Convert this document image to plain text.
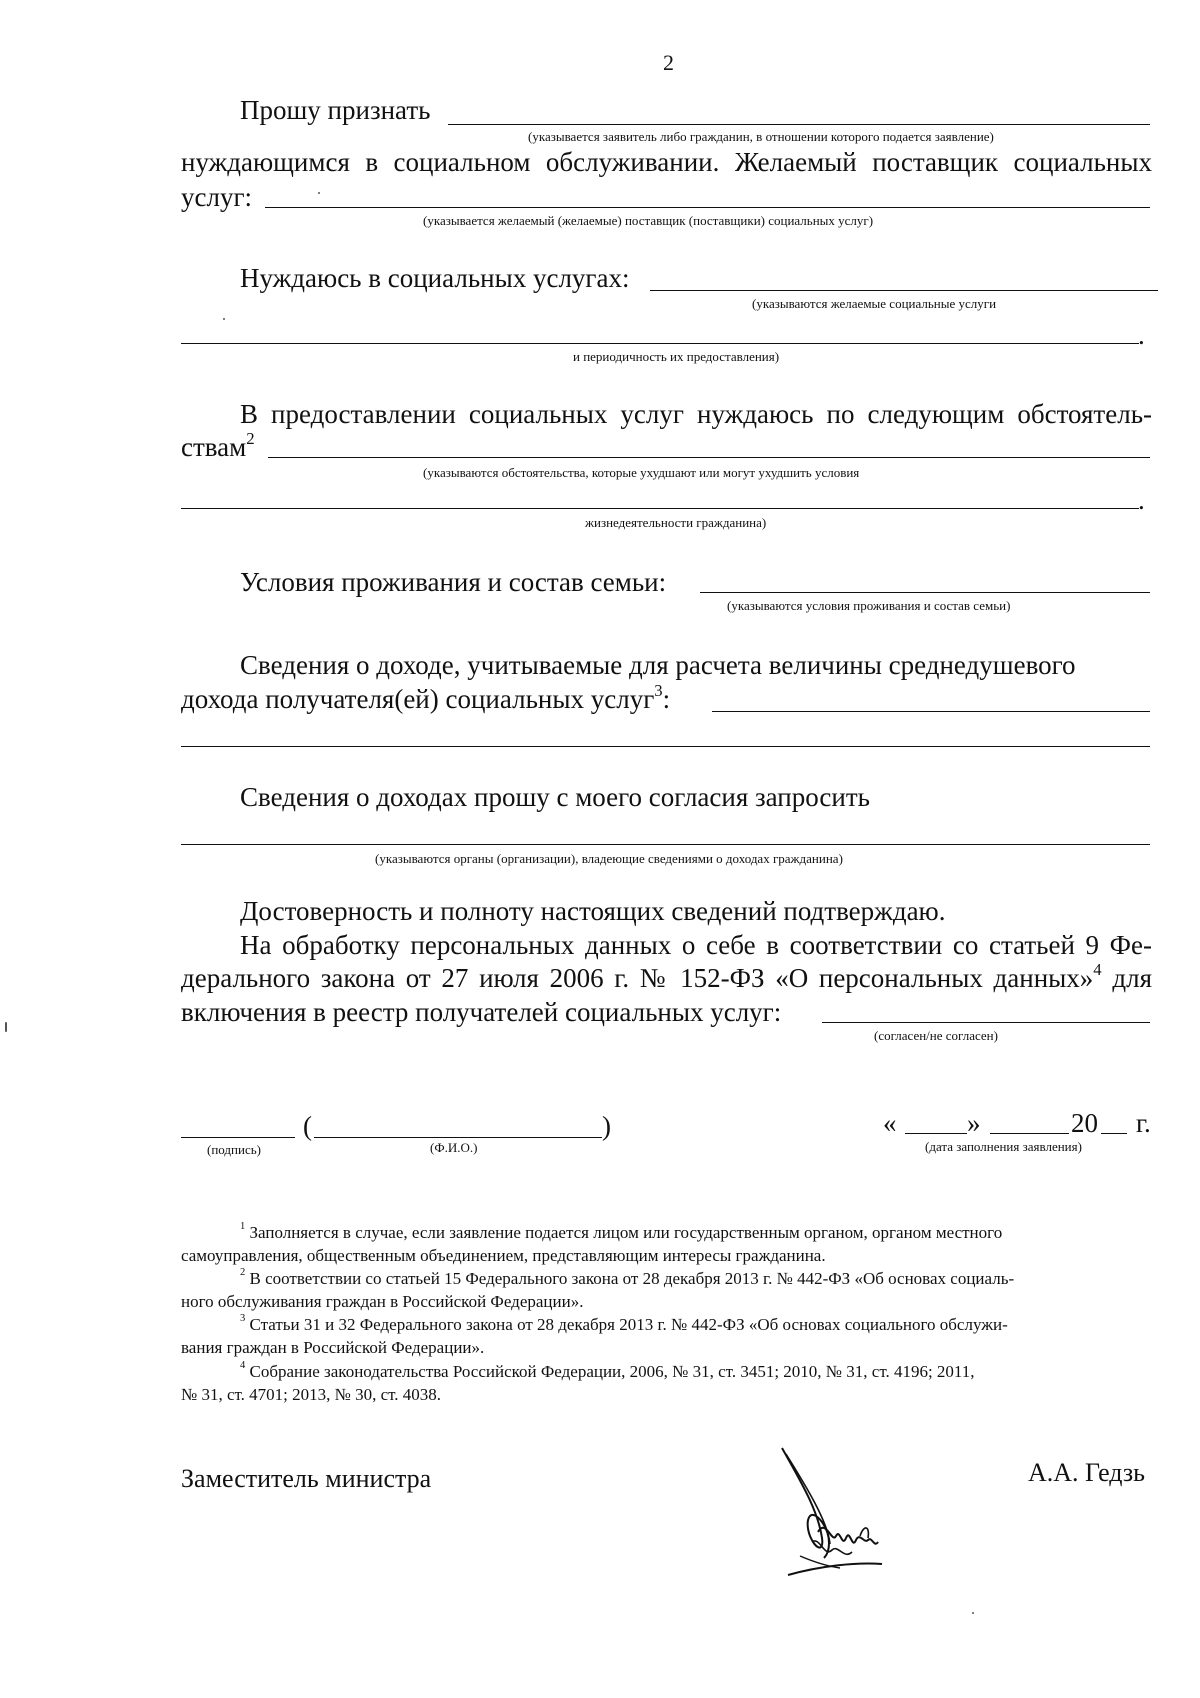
2
Прошу признать
(указывается заявитель либо гражданин, в отношении которого подается заявление)
нуждающимся в социальном обслуживании. Желаемый поставщик социальных
услуг:
(указывается желаемый (желаемые) поставщик (поставщики) социальных услуг)
Нуждаюсь в социальных услугах:
(указываются желаемые социальные услуги
.
и периодичность их предоставления)
В предоставлении социальных услуг нуждаюсь по следующим обстоятель-
ствам$^2$
(указываются обстоятельства, которые ухудшают или могут ухудшить условия
.
жизнедеятельности гражданина)
Условия проживания и состав семьи:
(указываются условия проживания и состав семьи)
Сведения о доходе, учитываемые для расчета величины среднедушевого
дохода получателя(ей) социальных услуг$^3$:
Сведения о доходах прошу с моего согласия запросить
(указываются органы (организации), владеющие сведениями о доходах гражданина)
Достоверность и полноту настоящих сведений подтверждаю.
На обработку персональных данных о себе в соответствии со статьей 9 Фе-
дерального закона от 27 июля 2006 г. № 152-ФЗ «О персональных данных»$^4$ для
включения в реестр получателей социальных услуг:
(согласен/не согласен)
(	)
(подпись)	(Ф.И.О.)
«	»	20 г.
(дата заполнения заявления)
$^1$ Заполняется в случае, если заявление подается лицом или государственным органом, органом местного
самоуправления, общественным объединением, представляющим интересы гражданина.
$^2$ В соответствии со статьей 15 Федерального закона от 28 декабря 2013 г. № 442-ФЗ «Об основах социаль-
ного обслуживания граждан в Российской Федерации».
$^3$ Статьи 31 и 32 Федерального закона от 28 декабря 2013 г. № 442-ФЗ «Об основах социального обслужи-
вания граждан в Российской Федерации».
$^4$ Собрание законодательства Российской Федерации, 2006, № 31, ст. 3451; 2010, № 31, ст. 4196; 2011,
№ 31, ст. 4701; 2013, № 30, ст. 4038.
Заместитель министра	А.А. Гедзь
